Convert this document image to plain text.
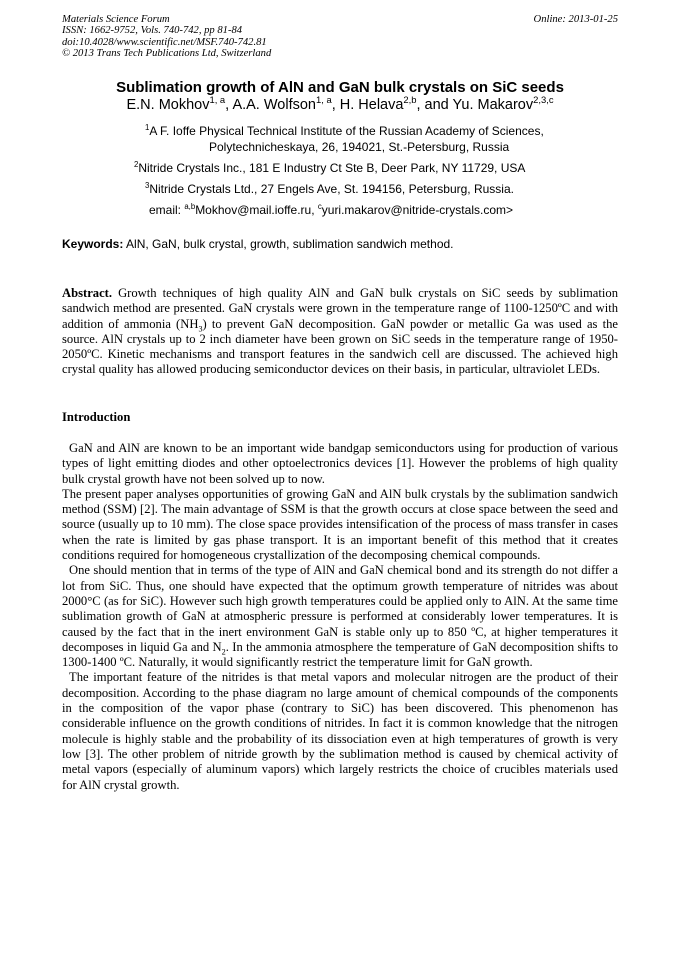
Materials Science Forum
ISSN: 1662-9752, Vols. 740-742, pp 81-84
doi:10.4028/www.scientific.net/MSF.740-742.81
© 2013 Trans Tech Publications Ltd, Switzerland
Online: 2013-01-25
Sublimation growth of AlN and GaN bulk crystals on SiC seeds
E.N. Mokhov$^{1, a}$, A.A. Wolfson$^{1, a}$, H. Helava$^{2,b}$, and Yu. Makarov$^{2,3,c}$
$^1$A F. Ioffe Physical Technical Institute of the Russian Academy of Sciences,
Polytechnicheskaya, 26, 194021, St.-Petersburg, Russia
$^2$Nitride Crystals Inc., 181 E Industry Ct Ste B, Deer Park, NY 11729, USA
$^3$Nitride Crystals Ltd., 27 Engels Ave, St. 194156, Petersburg, Russia.
email: $^{a,b}$Mokhov@mail.ioffe.ru, $^c$yuri.makarov@nitride-crystals.com>
Keywords: AlN, GaN, bulk crystal, growth, sublimation sandwich method.

Abstract. Growth techniques of high quality AlN and GaN bulk crystals on SiC seeds by sublimation sandwich method are presented. GaN crystals were grown in the temperature range of 1100-1250ºC and with addition of ammonia $(NH_3)$ to prevent GaN decomposition. GaN powder or metallic Ga was used as the source. AlN crystals up to 2 inch diameter have been grown on SiC seeds in the temperature range of 1950-2050ºC. Kinetic mechanisms and transport features in the sandwich cell are discussed. The achieved high crystal quality has allowed producing semiconductor devices on their basis, in particular, ultraviolet LEDs.

Introduction

GaN and AlN are known to be an important wide bandgap semiconductors using for production of various types of light emitting diodes and other optoelectronics devices [1]. However the problems of high quality bulk crystal growth have not been solved up to now.

The present paper analyses opportunities of growing GaN and AlN bulk crystals by the sublimation sandwich method (SSM) [2]. The main advantage of SSM is that the growth occurs at close space between the seed and source (usually up to 10 mm). The close space provides intensification of the process of mass transfer in cases when the rate is limited by gas phase transport. It is an important benefit of this method that it creates conditions required for homogeneous crystallization of the decomposing chemical compounds.

One should mention that in terms of the type of AlN and GaN chemical bond and its strength do not differ a lot from SiC. Thus, one should have expected that the optimum growth temperature of nitrides was about 2000°C (as for SiC). However such high growth temperatures could be applied only to AlN. At the same time sublimation growth of GaN at atmospheric pressure is performed at considerably lower temperatures. It is caused by the fact that in the inert environment GaN is stable only up to 850 ºC, at higher temperatures it decomposes in liquid Ga and $N_2$. In the ammonia atmosphere the temperature of GaN decomposition shifts to 1300-1400 ºC. Naturally, it would significantly restrict the temperature limit for GaN growth.

The important feature of the nitrides is that metal vapors and molecular nitrogen are the product of their decomposition. According to the phase diagram no large amount of chemical compounds of the components in the composition of the vapor phase (contrary to SiC) has been discovered. This phenomenon has considerable influence on the growth conditions of nitrides. In fact it is common knowledge that the nitrogen molecule is highly stable and the probability of its dissociation even at high temperatures of growth is very low [3]. The other problem of nitride growth by the sublimation method is caused by chemical activity of metal vapors (especially of aluminum vapors) which largely restricts the choice of crucibles materials used for AlN crystal growth.
